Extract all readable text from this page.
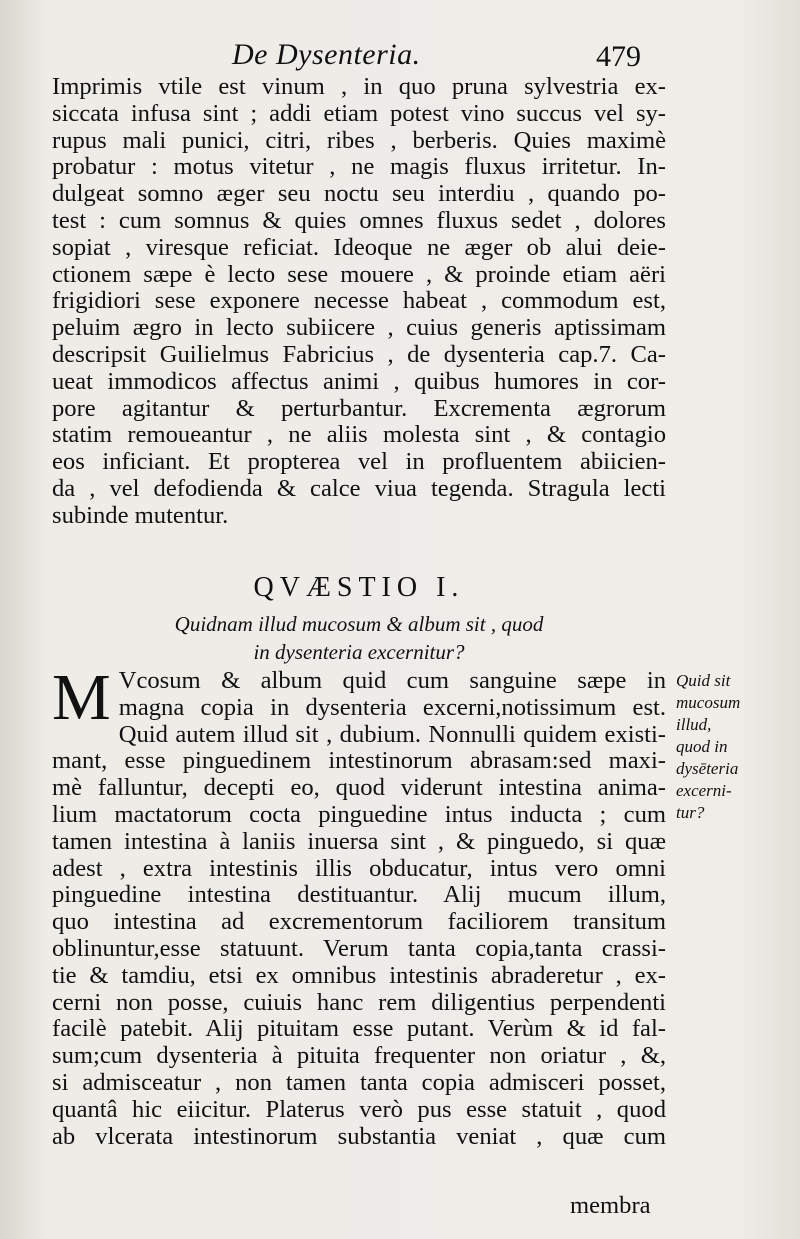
De Dysenteria.	479
Imprimis vtile est vinum , in quo pruna sylvestria ex-
siccata infusa sint ; addi etiam potest vino succus vel sy-
rupus mali punici, citri, ribes , berberis. Quies maximè
probatur : motus vitetur , ne magis fluxus irritetur. In-
dulgeat somno æger seu noctu seu interdiu , quando po-
test : cum somnus & quies omnes fluxus sedet , dolores
sopiat , viresque reficiat. Ideoque ne æger ob alui deie-
ctionem sæpe è lecto sese mouere , & proinde etiam aëri
frigidiori sese exponere necesse habeat , commodum est,
peluim ægro in lecto subiicere , cuius generis aptissimam
descripsit Guilielmus Fabricius , de dysenteria cap.7. Ca-
ueat immodicos affectus animi , quibus humores in cor-
pore agitantur & perturbantur. Excrementa ægrorum
statim remoueantur , ne aliis molesta sint , & contagio
eos inficiant. Et propterea vel in profluentem abiicien-
da , vel defodienda & calce viua tegenda. Stragula lecti
subinde mutentur.
QVÆSTIO I.
Quidnam illud mucosum & album sit , quod
in dysenteria excernitur?
M Vcosum & album quid cum sanguine sæpe in
magna copia in dysenteria excerni,notissimum est.
Quid autem illud sit , dubium. Nonnulli quidem existi-
mant, esse pinguedinem intestinorum abrasam:sed maxi-
mè falluntur, decepti eo, quod viderunt intestina anima-
lium mactatorum cocta pinguedine intus inducta ; cum
tamen intestina à laniis inuersa sint , & pinguedo, si quæ
adest , extra intestinis illis obducatur, intus vero omni
pinguedine intestina destituantur. Alij mucum illum,
quo intestina ad excrementorum faciliorem transitum
oblinuntur,esse statuunt. Verum tanta copia,tanta crassi-
tie & tamdiu, etsi ex omnibus intestinis abraderetur , ex-
cerni non posse, cuiuis hanc rem diligentius perpendenti
facilè patebit. Alij pituitam esse putant. Verùm & id fal-
sum;cum dysenteria à pituita frequenter non oriatur , &,
si admisceatur , non tamen tanta copia admisceri posset,
quantâ hic eiicitur. Platerus verò pus esse statuit , quod
ab vlcerata intestinorum substantia veniat , quæ cum
Quid sit
mucosum
illud,
quod in
dysēteria
excerni-
tur?
membra
